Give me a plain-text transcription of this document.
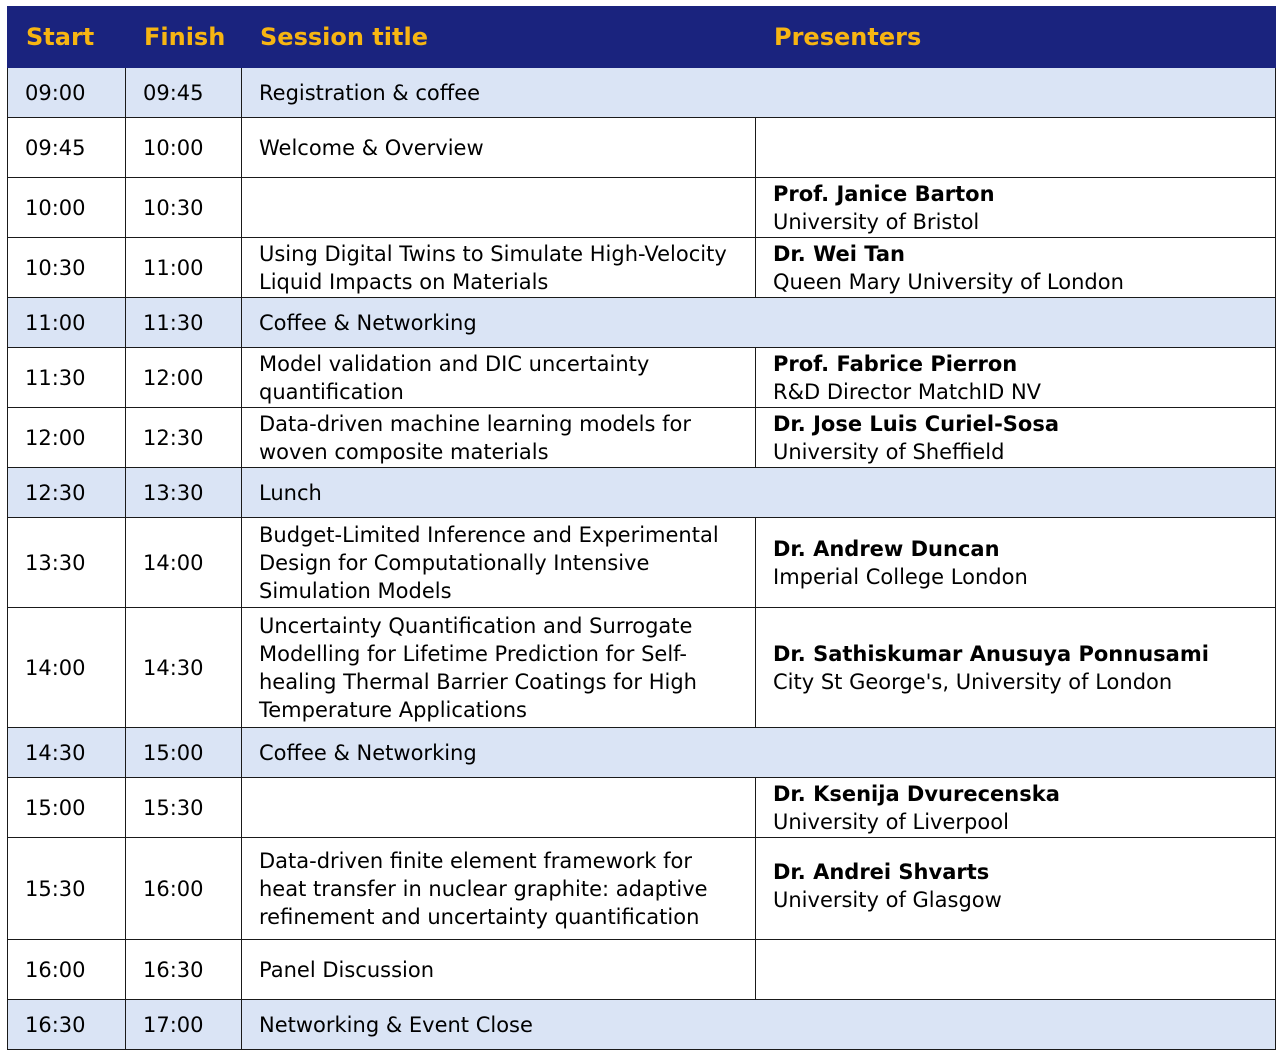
Start	Finish	Session title	Presenters
09:00	09:45	Registration & coffee	
09:45	10:00	Welcome & Overview	

10:00	10:30		Prof. Janice Barton
University of Bristol

10:30	11:00	Using Digital Twins to Simulate High-Velocity Liquid Impacts on Materials	Dr. Wei Tan
Queen Mary University of London

11:00	11:30	Coffee & Networking	
11:30	12:00	Model validation and DIC uncertainty quantification	Prof. Fabrice Pierron
R&D Director MatchID NV

12:00	12:30	Data-driven machine learning models for woven composite materials	Dr. Jose Luis Curiel-Sosa
University of Sheffield

12:30	13:30	Lunch	
13:30	14:00	Budget-Limited Inference and Experimental Design for Computationally Intensive Simulation Models	Dr. Andrew Duncan
Imperial College London

14:00	14:30	Uncertainty Quantification and Surrogate Modelling for Lifetime Prediction for Self-healing Thermal Barrier Coatings for High Temperature Applications	Dr. Sathiskumar Anusuya Ponnusami
City St George's, University of London

14:30	15:00	Coffee & Networking	
15:00	15:30		Dr. Ksenija Dvurecenska
University of Liverpool

15:30	16:00	Data-driven finite element framework for heat transfer in nuclear graphite: adaptive refinement and uncertainty quantification	Dr. Andrei Shvarts
University of Glasgow

16:00	16:30	Panel Discussion	

16:30	17:00	Networking & Event Close	
